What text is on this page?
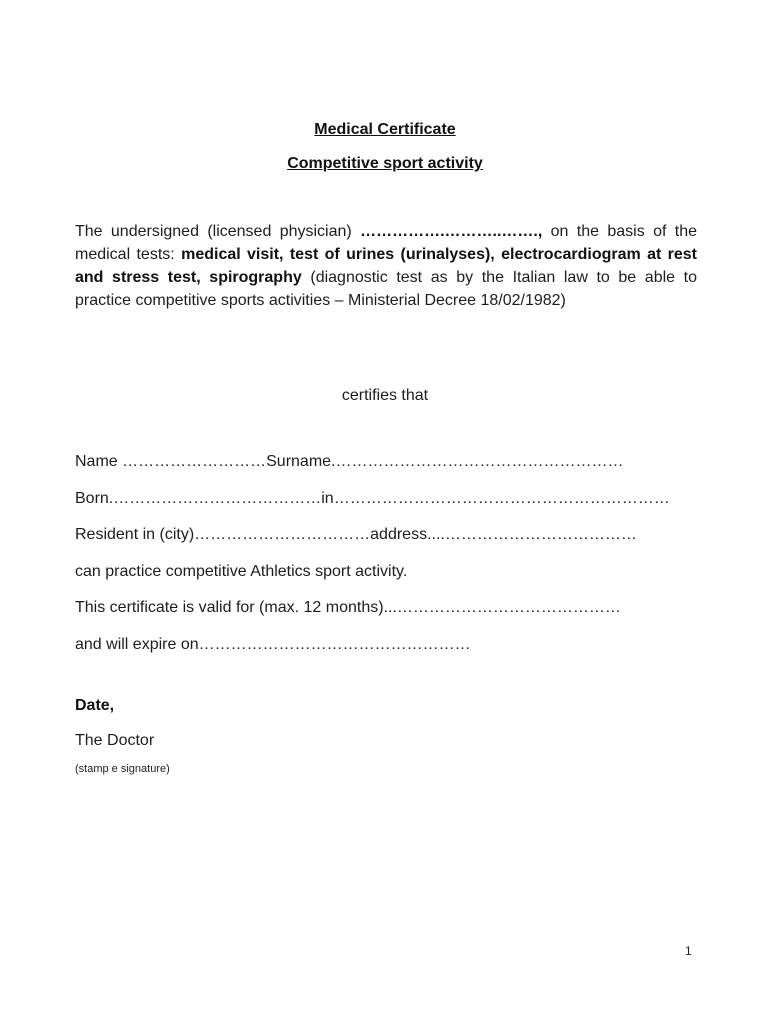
Medical Certificate
Competitive sport activity

The undersigned (licensed physician) …………….………..……., on the basis of the medical tests: medical visit, test of urines (urinalyses), electrocardiogram at rest and stress test, spirography (diagnostic test as by the Italian law to be able to practice competitive sports activities – Ministerial Decree 18/02/1982)

certifies that

Name ………………………Surname.………………………………………………

Born.…………………………………in………………………………………………………

Resident in (city)……………………………address....………………………………

can practice competitive Athletics sport activity.

This certificate is valid for (max. 12 months)...……………………………………

and will expire on……………………………………………

Date,

The Doctor

(stamp e signature)

1
